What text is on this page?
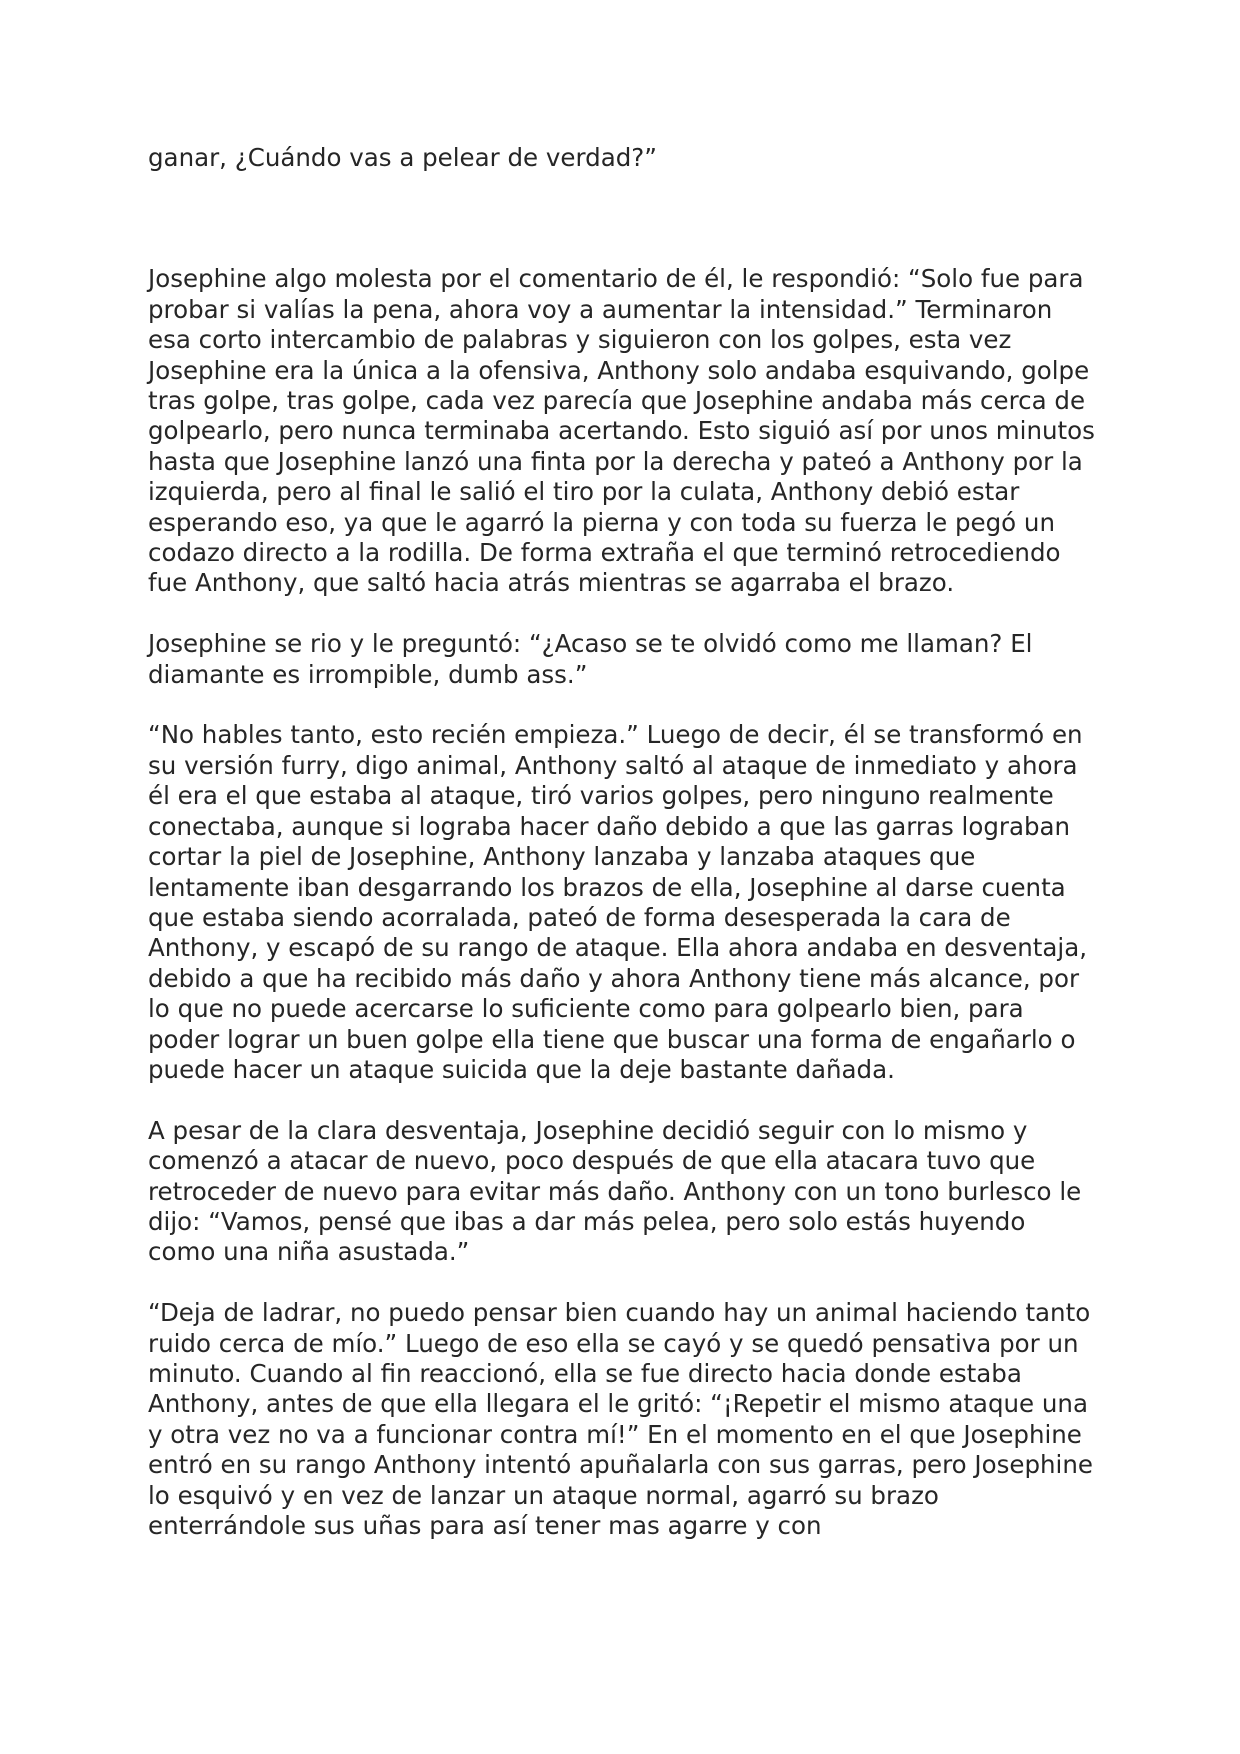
ganar, ¿Cuándo vas a pelear de verdad?”

Josephine algo molesta por el comentario de él, le respondió: “Solo fue para probar si valías la pena, ahora voy a aumentar la intensidad.” Terminaron esa corto intercambio de palabras y siguieron con los golpes, esta vez Josephine era la única a la ofensiva, Anthony solo andaba esquivando, golpe tras golpe, tras golpe, cada vez parecía que Josephine andaba más cerca de golpearlo, pero nunca terminaba acertando. Esto siguió así por unos minutos hasta que Josephine lanzó una finta por la derecha y pateó a Anthony por la izquierda, pero al final le salió el tiro por la culata, Anthony debió estar esperando eso, ya que le agarró la pierna y con toda su fuerza le pegó un codazo directo a la rodilla. De forma extraña el que terminó retrocediendo fue Anthony, que saltó hacia atrás mientras se agarraba el brazo.

Josephine se rio y le preguntó: “¿Acaso se te olvidó como me llaman? El diamante es irrompible, dumb ass.”

“No hables tanto, esto recién empieza.” Luego de decir, él se transformó en su versión furry, digo animal, Anthony saltó al ataque de inmediato y ahora él era el que estaba al ataque, tiró varios golpes, pero ninguno realmente conectaba, aunque si lograba hacer daño debido a que las garras lograban cortar la piel de Josephine, Anthony lanzaba y lanzaba ataques que lentamente iban desgarrando los brazos de ella, Josephine al darse cuenta que estaba siendo acorralada, pateó de forma desesperada la cara de Anthony, y escapó de su rango de ataque. Ella ahora andaba en desventaja, debido a que ha recibido más daño y ahora Anthony tiene más alcance, por lo que no puede acercarse lo suficiente como para golpearlo bien, para poder lograr un buen golpe ella tiene que buscar una forma de engañarlo o puede hacer un ataque suicida que la deje bastante dañada.

A pesar de la clara desventaja, Josephine decidió seguir con lo mismo y comenzó a atacar de nuevo, poco después de que ella atacara tuvo que retroceder de nuevo para evitar más daño. Anthony con un tono burlesco le dijo: “Vamos, pensé que ibas a dar más pelea, pero solo estás huyendo como una niña asustada.”

“Deja de ladrar, no puedo pensar bien cuando hay un animal haciendo tanto ruido cerca de mío.” Luego de eso ella se cayó y se quedó pensativa por un minuto. Cuando al fin reaccionó, ella se fue directo hacia donde estaba Anthony, antes de que ella llegara el le gritó: “¡Repetir el mismo ataque una y otra vez no va a funcionar contra mí!” En el momento en el que Josephine entró en su rango Anthony intentó apuñalarla con sus garras, pero Josephine lo esquivó y en vez de lanzar un ataque normal, agarró su brazo enterrándole sus uñas para así tener mas agarre y con
